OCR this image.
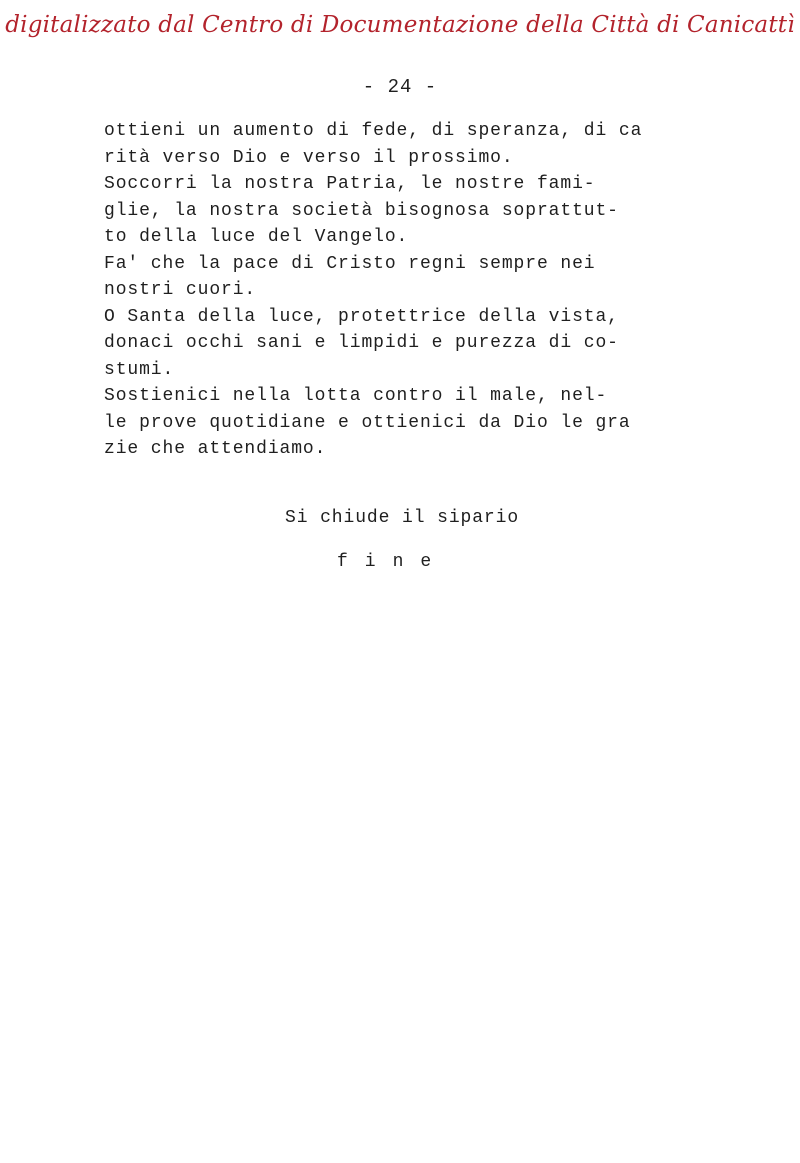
digitalizzato dal Centro di Documentazione della Città di Canicattì
- 24 -
ottieni un aumento di fede, di speranza, di ca
rità verso Dio e verso il prossimo.
Soccorri la nostra Patria, le nostre fami-
glie, la nostra società bisognosa soprattut-
to della luce del Vangelo.
Fa' che la pace di Cristo regni sempre nei
nostri cuori.
O Santa della luce, protettrice della vista,
donaci occhi sani e limpidi e purezza di co-
stumi.
Sostienici nella lotta contro il male, nel-
le prove quotidiane e ottienici da Dio le gra
zie che attendiamo.
Si chiude il sipario
fine
